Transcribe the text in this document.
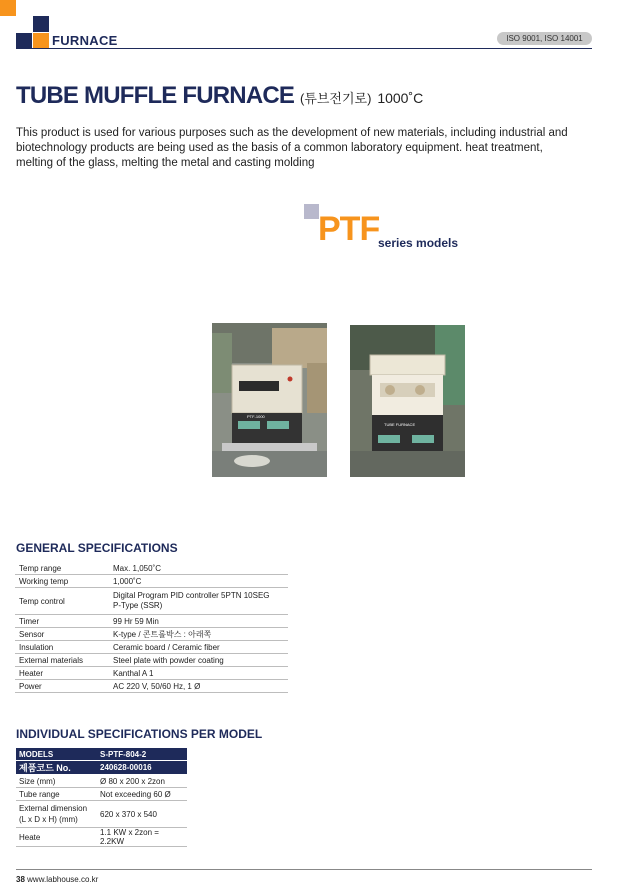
FURNACE	ISO 9001, ISO 14001
TUBE MUFFLE FURNACE (튜브전기로) 1000˚C
This product is used for various purposes such as the development of new materials, including industrial and biotechnology products are being used as the basis of a common laboratory equipment. heat treatment, melting of the glass, melting the metal and casting molding
PTF
series models
PTF-1000
TUBE FURNACE
GENERAL SPECIFICATIONS
Temp range	Max. 1,050˚C
Working temp	1,000˚C
Temp control	Digital Program PID controller 5PTN 10SEG
P-Type (SSR)
Timer	99 Hr 59 Min
Sensor	K-type / 콘트롤박스 : 아래쪽
Insulation	Ceramic board / Ceramic fiber
External materials	Steel plate with powder coating
Heater	Kanthal A 1
Power	AC 220 V, 50/60 Hz, 1 Ø
INDIVIDUAL SPECIFICATIONS PER MODEL
MODELS	S-PTF-804-2
제품코드 No.	240628-00016
Size (mm)	Ø 80 x 200 x 2zon
Tube range	Not exceeding 60 Ø
External dimension
(L x D x H) (mm)	620 x 370 x 540
Heate	1.1 KW x 2zon = 2.2KW
38 www.labhouse.co.kr
